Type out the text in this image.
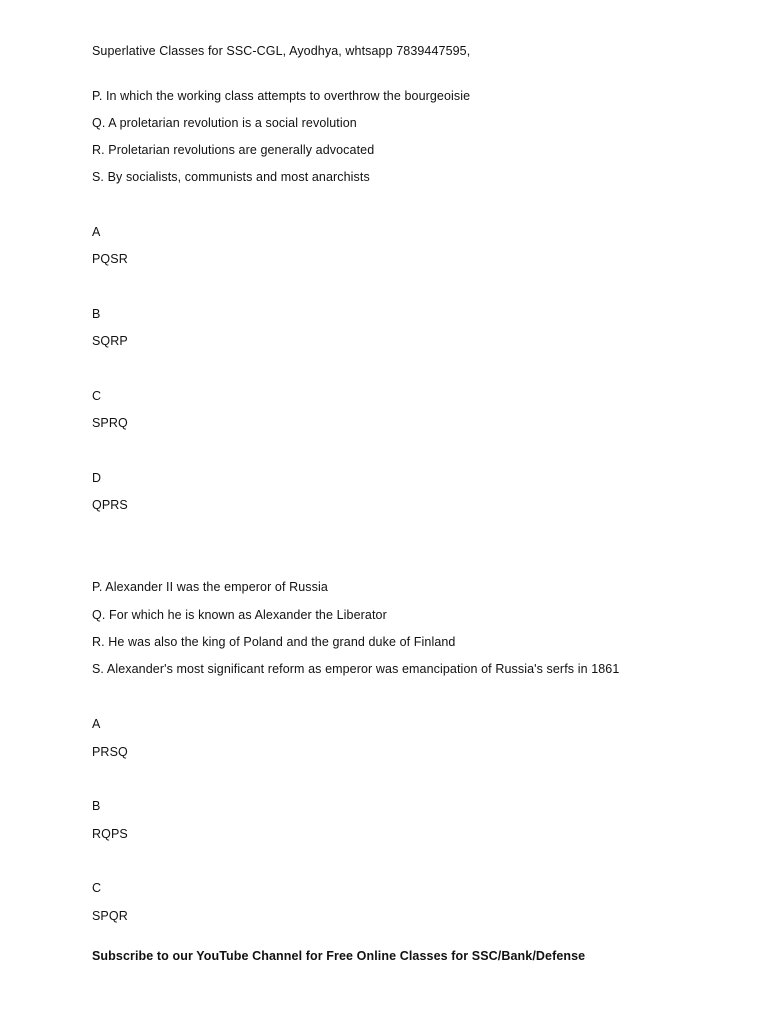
Superlative Classes for SSC-CGL, Ayodhya, whtsapp 7839447595,
P. In which the working class attempts to overthrow the bourgeoisie
Q. A proletarian revolution is a social revolution
R. Proletarian revolutions are generally advocated
S. By socialists, communists and most anarchists
A
PQSR
B
SQRP
C
SPRQ
D
QPRS
P. Alexander II was the emperor of Russia
Q. For which he is known as Alexander the Liberator
R. He was also the king of Poland and the grand duke of Finland
S. Alexander's most significant reform as emperor was emancipation of Russia's serfs in 1861
A
PRSQ
B
RQPS
C
SPQR
Subscribe to our YouTube Channel for Free Online Classes for SSC/Bank/Defense
